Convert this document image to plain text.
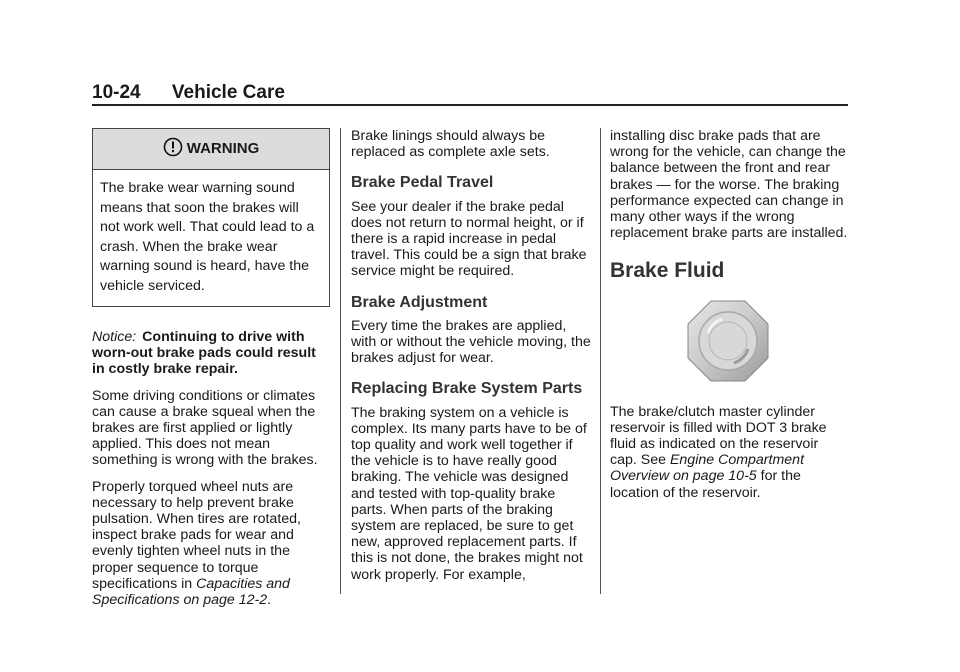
10-24 Vehicle Care
WARNING
The brake wear warning sound means that soon the brakes will not work well. That could lead to a crash. When the brake wear warning sound is heard, have the vehicle serviced.

Notice: Continuing to drive with worn-out brake pads could result in costly brake repair.

Some driving conditions or climates can cause a brake squeal when the brakes are first applied or lightly applied. This does not mean something is wrong with the brakes.

Properly torqued wheel nuts are necessary to help prevent brake pulsation. When tires are rotated, inspect brake pads for wear and evenly tighten wheel nuts in the proper sequence to torque specifications in Capacities and Specifications on page 12-2.

Brake linings should always be replaced as complete axle sets.

Brake Pedal Travel

See your dealer if the brake pedal does not return to normal height, or if there is a rapid increase in pedal travel. This could be a sign that brake service might be required.

Brake Adjustment

Every time the brakes are applied, with or without the vehicle moving, the brakes adjust for wear.

Replacing Brake System Parts

The braking system on a vehicle is complex. Its many parts have to be of top quality and work well together if the vehicle is to have really good braking. The vehicle was designed and tested with top-quality brake parts. When parts of the braking system are replaced, be sure to get new, approved replacement parts. If this is not done, the brakes might not work properly. For example,

installing disc brake pads that are wrong for the vehicle, can change the balance between the front and rear brakes — for the worse. The braking performance expected can change in many other ways if the wrong replacement brake parts are installed.

Brake Fluid

The brake/clutch master cylinder reservoir is filled with DOT 3 brake fluid as indicated on the reservoir cap. See Engine Compartment Overview on page 10-5 for the location of the reservoir.
